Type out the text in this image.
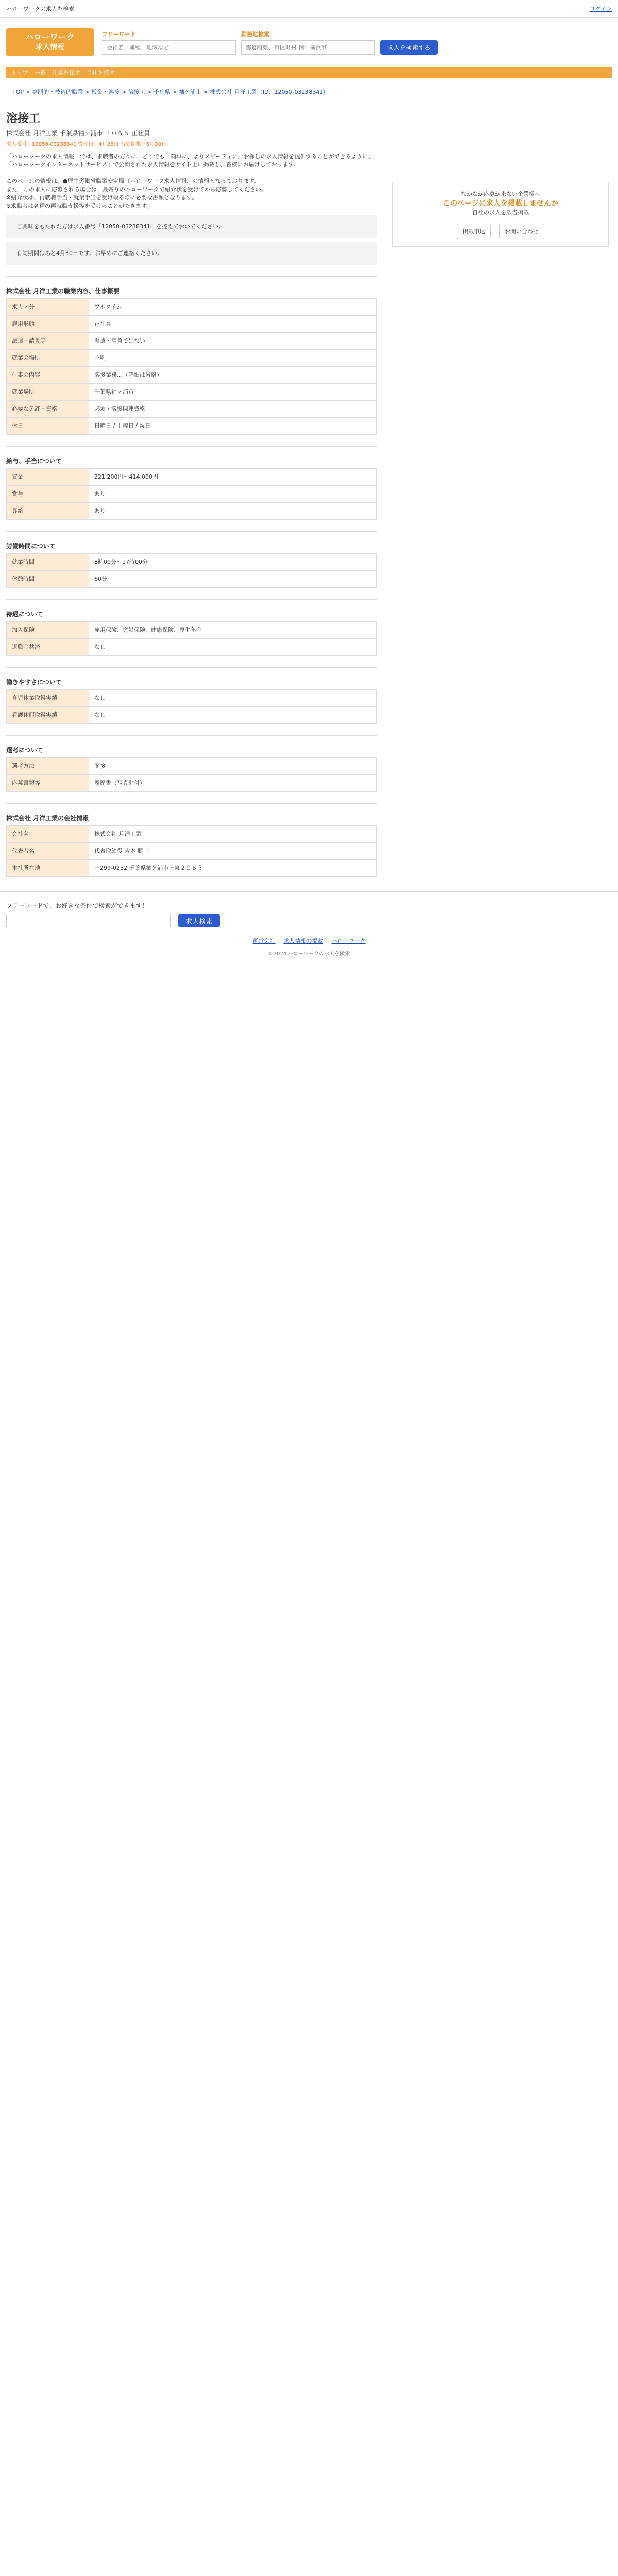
ハローワークの求人を検索	ログイン
ハローワーク
求人情報
フリーワード
会社名、職種、地域など	勤務地検索
都道府県、市区町村 例：横浜市
求人を検索する
トップ 一覧 仕事を探す 会社を探す
TOP > 専門的・技術的職業 > 板金・溶接 > 溶接工 > 千葉県 > 袖ケ浦市 > 株式会社 月洋工業（ID：12050-03238341）
溶接工
株式会社 月洋工業 千葉県袖ケ浦市 ２０６５ 正社員
求人番号：12050-03238341 受理日：4月28日 有効期限：6月30日
「ハローワークの求人情報」では、求職者の方々に、どこでも、簡単に、よりスピーディに、お探しの求人情報を提供することができるように、「ハローワークインターネットサービス」で公開された求人情報をサイト上に掲載し、皆様にお届けしております。

このページの情報は、●厚生労働省職業安定局（ハローワーク求人情報）の情報となっております。
また、この求人に応募される場合は、最寄りのハローワークで紹介状を受けてから応募してください。
※紹介状は、再就職手当・就業手当を受け取る際に必要な書類となります。
※求職者は各種の再就職支援等を受けることができます。
ご興味をもたれた方は求人番号「12050-03238341」を控えておいてください。
有効期間はあと4月30日です。お早めにご連絡ください。
株式会社 月洋工業の職業内容、仕事概要
求人区分	フルタイム
雇用形態	正社員
派遣・請負等	派遣・請負ではない
就業の場所	不明
仕事の内容	溶接業務…（詳細は省略）
就業場所	千葉県袖ケ浦市
必要な免許・資格	必須 / 溶接関連資格
休日	日曜日 / 土曜日 / 祝日
給与、手当について
賃金	221,200円〜414,000円
賞与	あり
昇給	あり
労働時間について
就業時間	8時00分〜17時00分
休憩時間	60分
待遇について
加入保険	雇用保険、労災保険、健康保険、厚生年金
退職金共済	なし
働きやすさについて
育児休業取得実績	なし
看護休暇取得実績	なし
選考について
選考方法	面接
応募書類等	履歴書（写真貼付）
株式会社 月洋工業の会社情報
会社名	株式会社 月洋工業
代表者名	代表取締役 吉本 勝三
本社所在地	〒299-0252 千葉県袖ケ浦市上泉２０６５
なかなか応募が来ない企業様へ
このページに求人を掲載しませんか
自社の求人を広告掲載
掲載申込	お問い合わせ
フリーワードで、お好きな条件で検索ができます！
求人検索
運営会社 求人情報の掲載 ハローワーク
©2024 ハローワークの求人を検索
